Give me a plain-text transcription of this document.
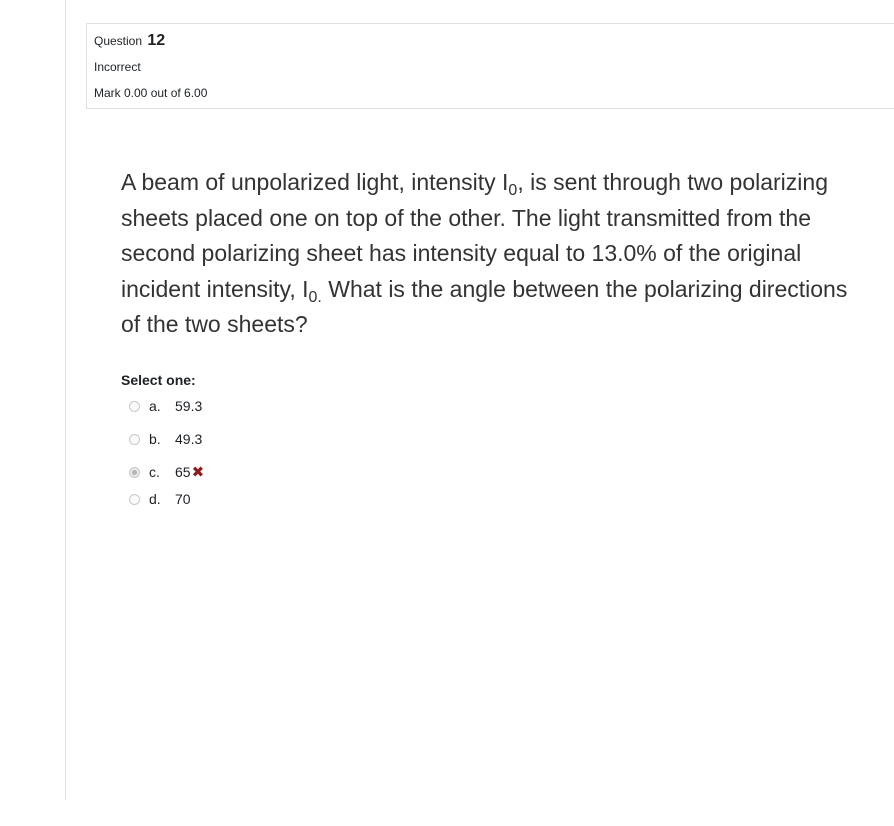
Question 12
Incorrect
Mark 0.00 out of 6.00
A beam of unpolarized light, intensity $I_0$, is sent through two polarizing sheets placed one on top of the other. The light transmitted from the second polarizing sheet has intensity equal to 13.0% of the original incident intensity, $I_{0.}$ What is the angle between the polarizing directions of the two sheets?
Select one:
a.	59.3
b.	49.3
c.	65 ✖
d.	70
